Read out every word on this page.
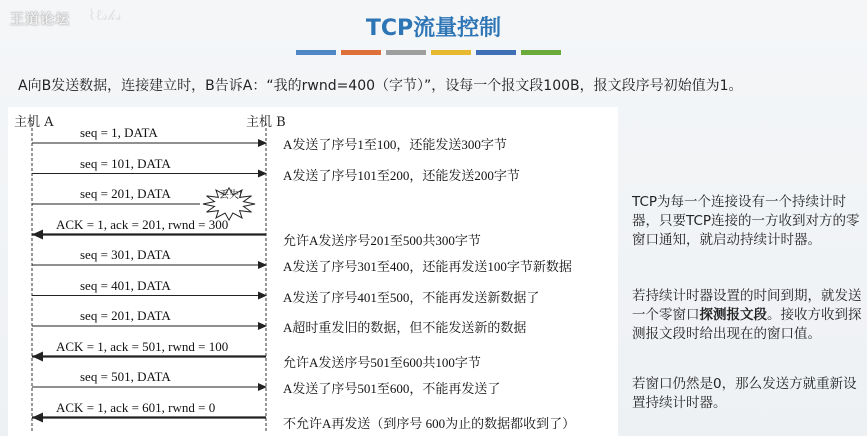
王道论坛 ⌇ℓ𝓈𝓀𝓈
TCP流量控制
A向B发送数据，连接建立时，B告诉A：“我的rwnd=400（字节）”，设每一个报文段100B，报文段序号初始值为1。
主机 A	主机 B
seq = 1, DATA
A发送了序号1至100，还能发送300字节
seq = 101, DATA
A发送了序号101至200，还能发送200字节
seq = 201, DATA
ACK = 1, ack = 201, rwnd = 300
允许A发送序号201至500共300字节
seq = 301, DATA
A发送了序号301至400，还能再发送100字节新数据
seq = 401, DATA
A发送了序号401至500，不能再发送新数据了
seq = 201, DATA
A超时重发旧的数据，但不能发送新的数据
ACK = 1, ack = 501, rwnd = 100
允许A发送序号501至600共100字节
seq = 501, DATA
A发送了序号501至600，不能再发送了
ACK = 1, ack = 601, rwnd = 0
不允许A再发送（到序号 600为止的数据都收到了）
丢失!	TCP为每一个连接设有一个持续计时器，只要TCP连接的一方收到对方的零窗口通知，就启动持续计时器。
若持续计时器设置的时间到期，就发送一个零窗口探测报文段。接收方收到探测报文段时给出现在的窗口值。
若窗口仍然是0，那么发送方就重新设置持续计时器。
